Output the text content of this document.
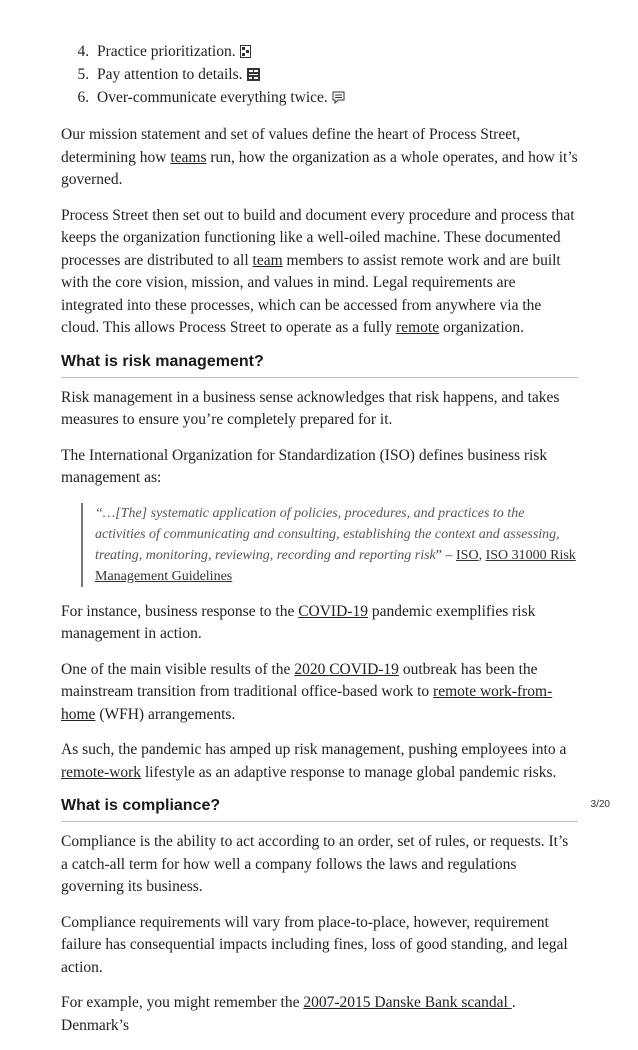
4. Practice prioritization.
5. Pay attention to details.
6. Over-communicate everything twice.

Our mission statement and set of values define the heart of Process Street, determining how teams run, how the organization as a whole operates, and how it’s governed.

Process Street then set out to build and document every procedure and process that keeps the organization functioning like a well-oiled machine. These documented processes are distributed to all team members to assist remote work and are built with the core vision, mission, and values in mind. Legal requirements are integrated into these processes, which can be accessed from anywhere via the cloud. This allows Process Street to operate as a fully remote organization.

What is risk management?

Risk management in a business sense acknowledges that risk happens, and takes measures to ensure you’re completely prepared for it.

The International Organization for Standardization (ISO) defines business risk management as:

“…[The] systematic application of policies, procedures, and practices to the activities of communicating and consulting, establishing the context and assessing, treating, monitoring, reviewing, recording and reporting risk” – ISO, ISO 31000 Risk Management Guidelines

For instance, business response to the COVID-19 pandemic exemplifies risk management in action.

One of the main visible results of the 2020 COVID-19 outbreak has been the mainstream transition from traditional office-based work to remote work-from-home (WFH) arrangements.

As such, the pandemic has amped up risk management, pushing employees into a remote-work lifestyle as an adaptive response to manage global pandemic risks.

What is compliance?

Compliance is the ability to act according to an order, set of rules, or requests. It’s a catch-all term for how well a company follows the laws and regulations governing its business.

Compliance requirements will vary from place-to-place, however, requirement failure has consequential impacts including fines, loss of good standing, and legal action.

For example, you might remember the 2007-2015 Danske Bank scandal . Denmark’s

3/20
